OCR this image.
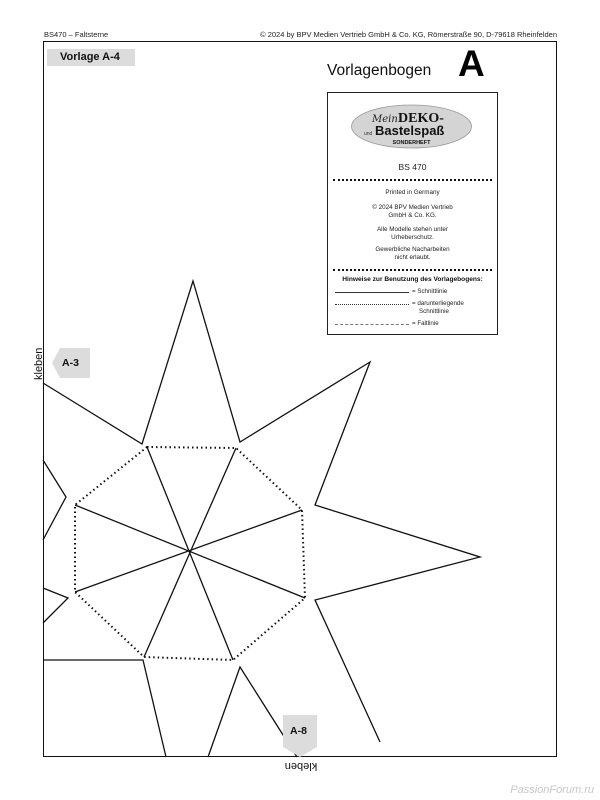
BS470 – Faltsterne	© 2024 by BPV Medien Vertrieb GmbH & Co. KG, Römerstraße 90, D-79618 Rheinfelden
Vorlage A-4
Vorlagenbogen A
Mein DEKO-
und Bastelspaß
SONDERHEFT
BS 470
Printed in Germany
© 2024 BPV Medien Vertrieb
GmbH & Co. KG.
Alle Modelle stehen unter
Urheberschutz.
Gewerbliche Nacharbeiten
nicht erlaubt.
Hinweise zur Benutzung des Vorlagebogens:
= Schnittlinie
= darunterliegende
Schnittlinie
= Faltlinie
A-3
kleben
A-8
kleben
PassionForum.ru
